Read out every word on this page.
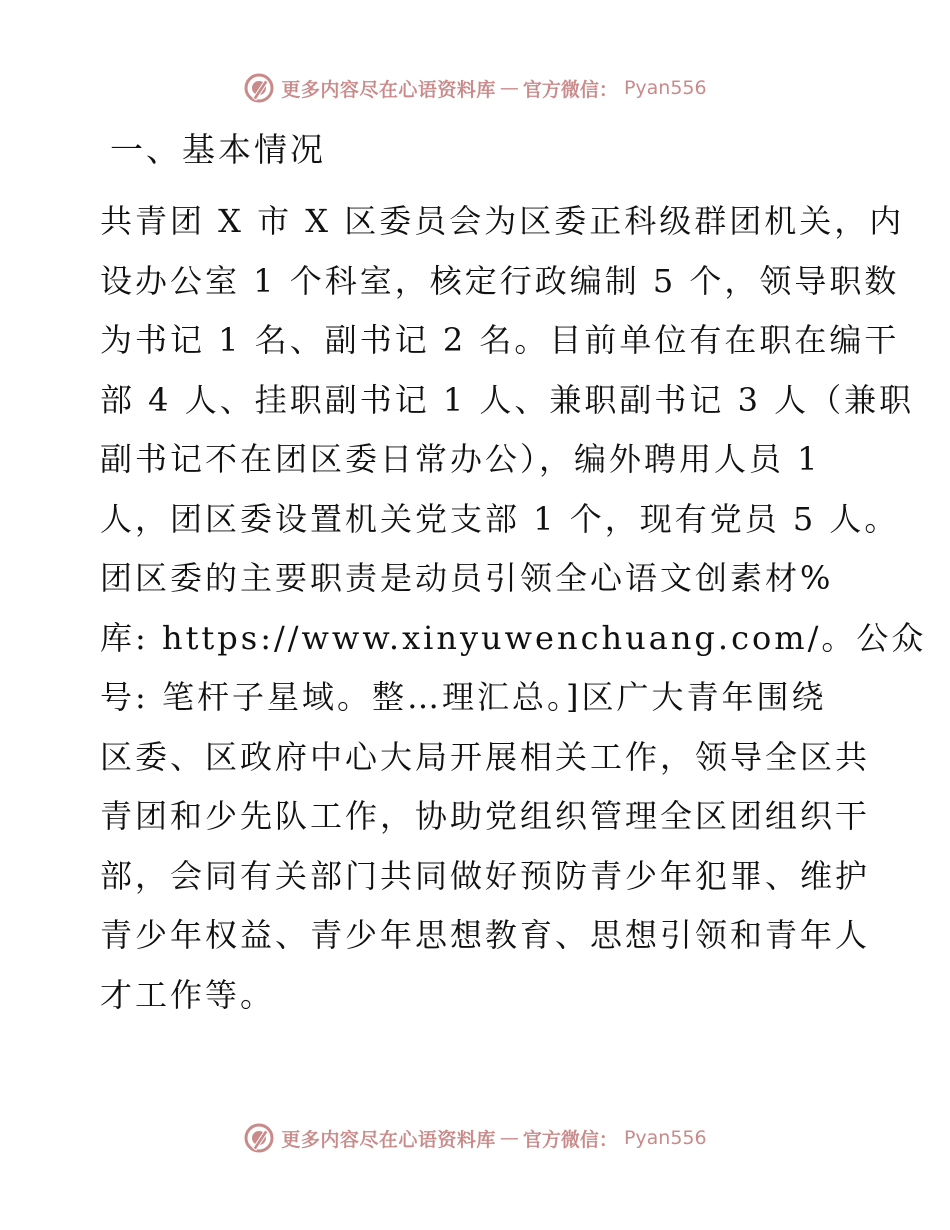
更多内容尽在心语资料库 — 官方微信： Pyan556
一、基本情况
共青团 X 市 X 区委员会为区委正科级群团机关，内
设办公室 1 个科室，核定行政编制 5 个，领导职数
为书记 1 名、副书记 2 名。目前单位有在职在编干
部 4 人、挂职副书记 1 人、兼职副书记 3 人（兼职
副书记不在团区委日常办公），编外聘用人员 1
人，团区委设置机关党支部 1 个，现有党员 5 人。
团区委的主要职责是动员引领全心语文创素材%
库: https://www.xinyuwenchuang.com/。公众
号: 笔杆子星域。整…理汇总。]区广大青年围绕
区委、区政府中心大局开展相关工作，领导全区共
青团和少先队工作，协助党组织管理全区团组织干
部，会同有关部门共同做好预防青少年犯罪、维护
青少年权益、青少年思想教育、思想引领和青年人
才工作等。
更多内容尽在心语资料库 — 官方微信： Pyan556
